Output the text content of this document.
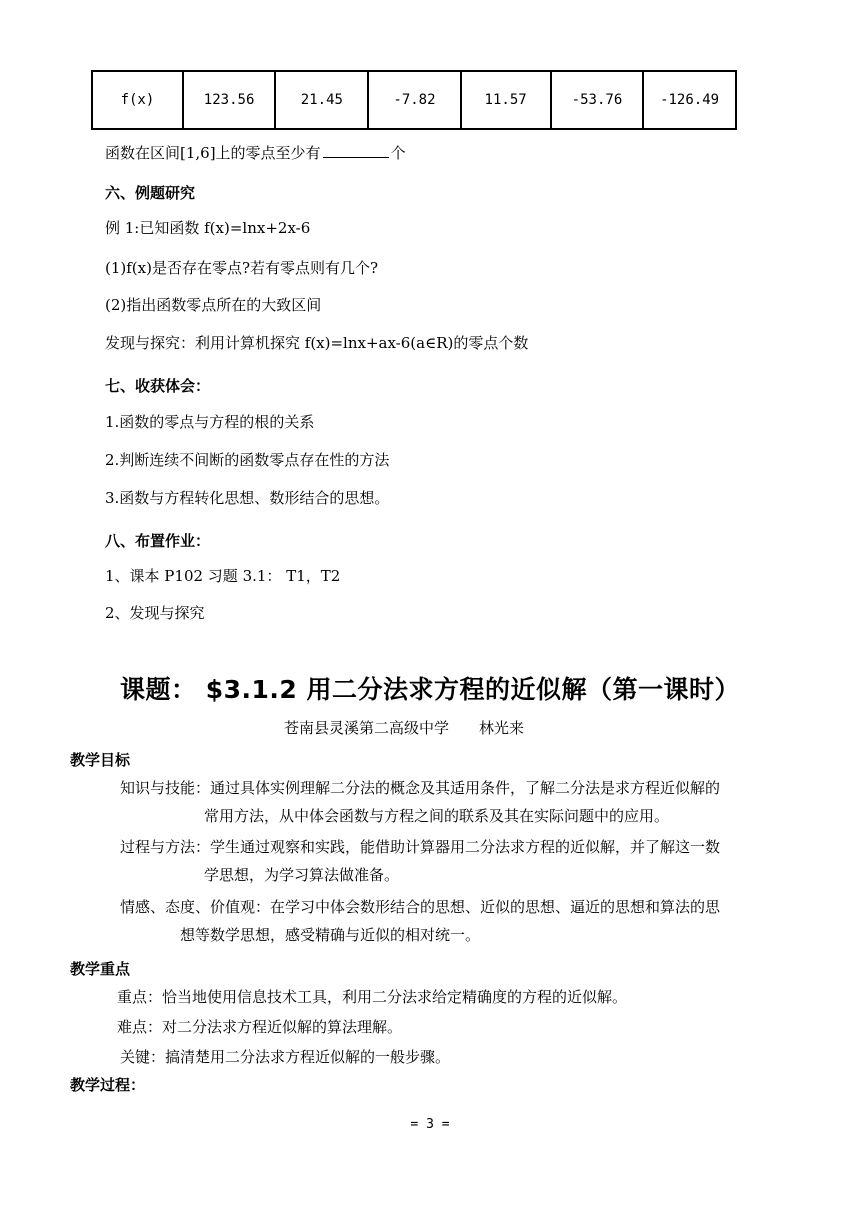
f(x)	123.56	21.45	-7.82	11.57	-53.76	-126.49
函数在区间[1,6]上的零点至少有	个
六、例题研究
例 1:已知函数 f(x)=lnx+2x-6
(1)f(x)是否存在零点?若有零点则有几个?
(2)指出函数零点所在的大致区间
发现与探究：利用计算机探究 f(x)=lnx+ax-6(a∈R)的零点个数
七、收获体会：
1.函数的零点与方程的根的关系
2.判断连续不间断的函数零点存在性的方法
3.函数与方程转化思想、数形结合的思想。
八、布置作业：
1、课本 P102 习题 3.1： T1，T2
2、发现与探究
课题： $3.1.2 用二分法求方程的近似解（第一课时）
苍南县灵溪第二高级中学　　林光来
教学目标
知识与技能：通过具体实例理解二分法的概念及其适用条件，了解二分法是求方程近似解的
常用方法，从中体会函数与方程之间的联系及其在实际问题中的应用。
过程与方法：学生通过观察和实践，能借助计算器用二分法求方程的近似解，并了解这一数
学思想，为学习算法做准备。
情感、态度、价值观：在学习中体会数形结合的思想、近似的思想、逼近的思想和算法的思
想等数学思想，感受精确与近似的相对统一。
教学重点
重点：恰当地使用信息技术工具，利用二分法求给定精确度的方程的近似解。
难点：对二分法求方程近似解的算法理解。
关键：搞清楚用二分法求方程近似解的一般步骤。
教学过程：
= 3 =
